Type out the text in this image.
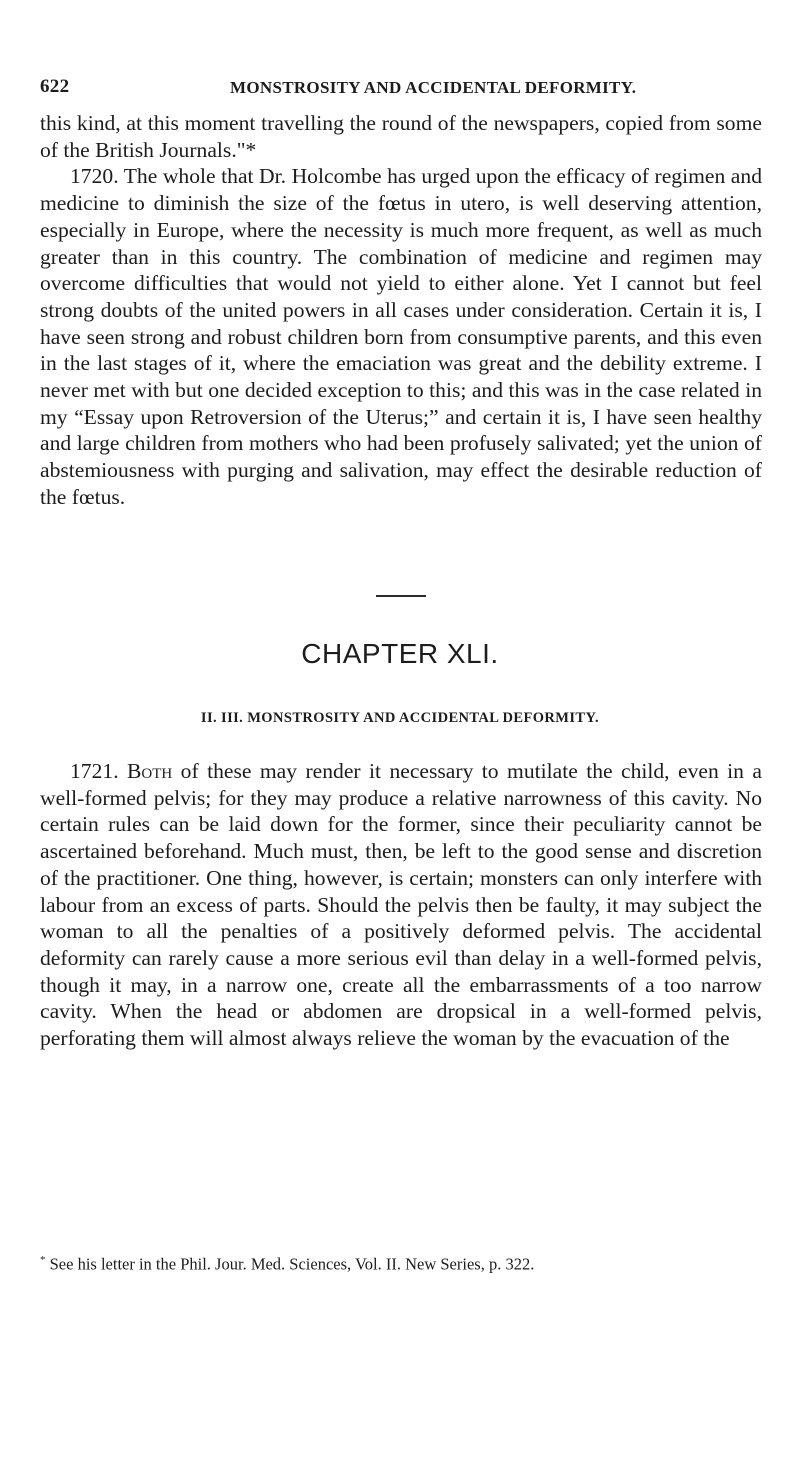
622	MONSTROSITY AND ACCIDENTAL DEFORMITY.

this kind, at this moment travelling the round of the newspapers, copied from some of the British Journals."*

1720. The whole that Dr. Holcombe has urged upon the efficacy of regimen and medicine to diminish the size of the fœtus in utero, is well deserving attention, especially in Europe, where the necessity is much more frequent, as well as much greater than in this country. The combination of medicine and regimen may overcome difficulties that would not yield to either alone. Yet I cannot but feel strong doubts of the united powers in all cases under consideration. Certain it is, I have seen strong and robust children born from consumptive parents, and this even in the last stages of it, where the emaciation was great and the debility extreme. I never met with but one decided exception to this; and this was in the case related in my “Essay upon Retroversion of the Uterus;” and certain it is, I have seen healthy and large children from mothers who had been profusely salivated; yet the union of abstemiousness with purging and salivation, may effect the desirable reduction of the fœtus.

CHAPTER XLI.
II. III. MONSTROSITY AND ACCIDENTAL DEFORMITY.

1721. Both of these may render it necessary to mutilate the child, even in a well-formed pelvis; for they may produce a relative narrowness of this cavity. No certain rules can be laid down for the former, since their peculiarity cannot be ascertained beforehand. Much must, then, be left to the good sense and discretion of the practitioner. One thing, however, is certain; monsters can only interfere with labour from an excess of parts. Should the pelvis then be faulty, it may subject the woman to all the penalties of a positively deformed pelvis. The accidental deformity can rarely cause a more serious evil than delay in a well-formed pelvis, though it may, in a narrow one, create all the embarrassments of a too narrow cavity. When the head or abdomen are dropsical in a well-formed pelvis, perforating them will almost always relieve the woman by the evacuation of the

* See his letter in the Phil. Jour. Med. Sciences, Vol. II. New Series, p. 322.
